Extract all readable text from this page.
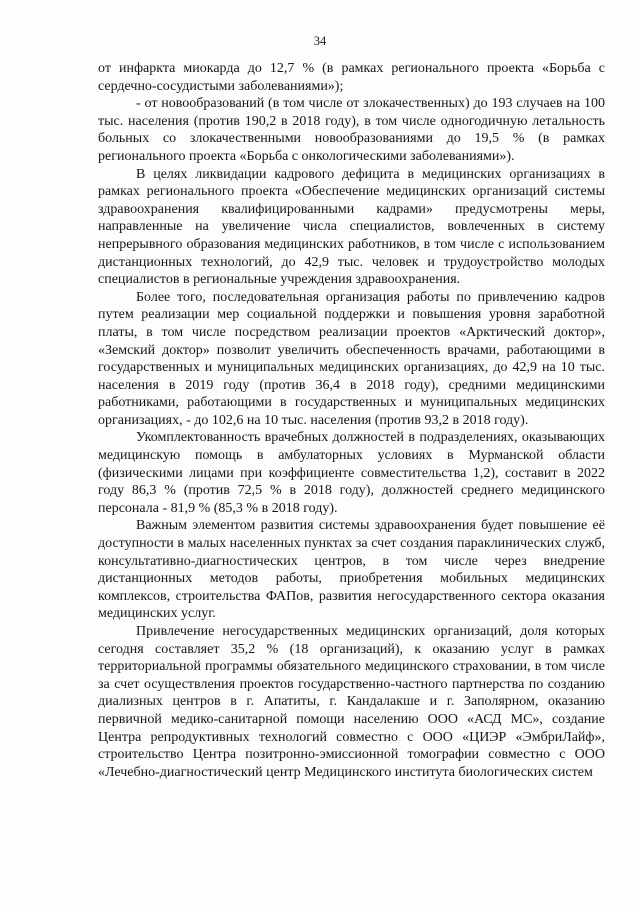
34

от инфаркта миокарда до 12,7 % (в рамках регионального проекта «Борьба с сердечно-сосудистыми заболеваниями»);

- от новообразований (в том числе от злокачественных) до 193 случаев на 100 тыс. населения (против 190,2 в 2018 году), в том числе одногодичную летальность больных со злокачественными новообразованиями до 19,5 % (в рамках регионального проекта «Борьба с онкологическими заболеваниями»).

В целях ликвидации кадрового дефицита в медицинских организациях в рамках регионального проекта «Обеспечение медицинских организаций системы здравоохранения квалифицированными кадрами» предусмотрены меры, направленные на увеличение числа специалистов, вовлеченных в систему непрерывного образования медицинских работников, в том числе с использованием дистанционных технологий, до 42,9 тыс. человек и трудоустройство молодых специалистов в региональные учреждения здравоохранения.

Более того, последовательная организация работы по привлечению кадров путем реализации мер социальной поддержки и повышения уровня заработной платы, в том числе посредством реализации проектов «Арктический доктор», «Земский доктор» позволит увеличить обеспеченность врачами, работающими в государственных и муниципальных медицинских организациях, до 42,9 на 10 тыс. населения в 2019 году (против 36,4 в 2018 году), средними медицинскими работниками, работающими в государственных и муниципальных медицинских организациях, - до 102,6 на 10 тыс. населения (против 93,2 в 2018 году).

Укомплектованность врачебных должностей в подразделениях, оказывающих медицинскую помощь в амбулаторных условиях в Мурманской области (физическими лицами при коэффициенте совместительства 1,2), составит в 2022 году 86,3 % (против 72,5 % в 2018 году), должностей среднего медицинского персонала - 81,9 % (85,3 % в 2018 году).

Важным элементом развития системы здравоохранения будет повышение её доступности в малых населенных пунктах за счет создания параклинических служб, консультативно-диагностических центров, в том числе через внедрение дистанционных методов работы, приобретения мобильных медицинских комплексов, строительства ФАПов, развития негосударственного сектора оказания медицинских услуг.

Привлечение негосударственных медицинских организаций, доля которых сегодня составляет 35,2 % (18 организаций), к оказанию услуг в рамках территориальной программы обязательного медицинского страховании, в том числе за счет осуществления проектов государственно-частного партнерства по созданию диализных центров в г. Апатиты, г. Кандалакше и г. Заполярном, оказанию первичной медико-санитарной помощи населению ООО «АСД МС», создание Центра репродуктивных технологий совместно с ООО «ЦИЭР «ЭмбриЛайф», строительство Центра позитронно-эмиссионной томографии совместно с ООО «Лечебно-диагностический центр Медицинского института биологических систем
